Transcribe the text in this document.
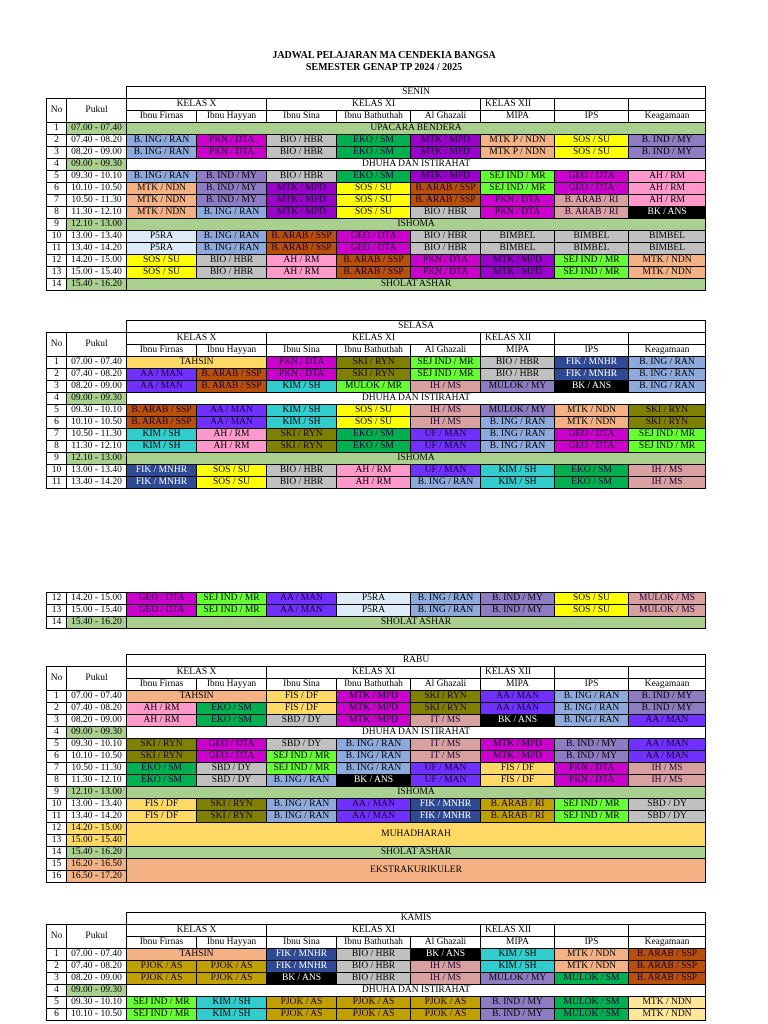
JADWAL PELAJARAN MA CENDEKIA BANGSA
SEMESTER GENAP TP 2024 / 2025
		SENIN							
No	Pukul	KELAS X		KELAS XI			KELAS XII		
		Ibnu Firnas	Ibnu Hayyan	Ibnu Sina	Ibnu Bathuthah	Al Ghazali	MIPA	IPS	Keagamaan
1	07.00 - 07.40	UPACARA BENDERA							
2	07.40 - 08.20	B. ING / RAN	PKN / DTA	BIO / HBR	EKO / SM	MTK / MPD	MTK P / NDN	SOS / SU	B. IND / MY
3	08.20 - 09.00	B. ING / RAN	PKN / DTA	BIO / HBR	EKO / SM	MTK / MPD	MTK P / NDN	SOS / SU	B. IND / MY
4	09.00 - 09.30	DHUHA DAN ISTIRAHAT							
5	09.30 - 10.10	B. ING / RAN	B. IND / MY	BIO / HBR	EKO / SM	MTK / MPD	SEJ IND / MR	GEO / DTA	AH / RM
6	10.10 - 10.50	MTK / NDN	B. IND / MY	MTK / MPD	SOS / SU	B. ARAB / SSP	SEJ IND / MR	GEO / DTA	AH / RM
7	10.50 - 11.30	MTK / NDN	B. IND / MY	MTK / MPD	SOS / SU	B. ARAB / SSP	PKN / DTA	B. ARAB / RI	AH / RM
8	11.30 - 12.10	MTK / NDN	B. ING / RAN	MTK / MPD	SOS / SU	BIO / HBR	PKN / DTA	B. ARAB / RI	BK / ANS
9	12.10 - 13.00	ISHOMA							
10	13.00 - 13.40	P5RA	B. ING / RAN	B. ARAB / SSP	GEO / DTA	BIO / HBR	BIMBEL	BIMBEL	BIMBEL
11	13.40 - 14.20	P5RA	B. ING / RAN	B. ARAB / SSP	GEO / DTA	BIO / HBR	BIMBEL	BIMBEL	BIMBEL
12	14.20 - 15.00	SOS / SU	BIO / HBR	AH / RM	B. ARAB / SSP	PKN / DTA	MTK / MPD	SEJ IND / MR	MTK / NDN
13	15.00 - 15.40	SOS / SU	BIO / HBR	AH / RM	B. ARAB / SSP	PKN / DTA	MTK / MPD	SEJ IND / MR	MTK / NDN
14	15.40 - 16.20	SHOLAT ASHAR							
		SELASA							
No	Pukul	KELAS X		KELAS XI			KELAS XII		
		Ibnu Firnas	Ibnu Hayyan	Ibnu Sina	Ibnu Bathuthah	Al Ghazali	MIPA	IPS	Keagamaan
1	07.00 - 07.40	TAHSIN		PKN / DTA	SKI / RYN	SEJ IND / MR	BIO / HBR	FIK / MNHR	B. ING / RAN
2	07.40 - 08.20	AA / MAN	B. ARAB / SSP	PKN / DTA	SKI / RYN	SEJ IND / MR	BIO / HBR	FIK / MNHR	B. ING / RAN
3	08.20 - 09.00	AA / MAN	B. ARAB / SSP	KIM / SH	MULOK / MR	IH / MS	MULOK / MY	BK / ANS	B. ING / RAN
4	09.00 - 09.30	DHUHA DAN ISTIRAHAT							
5	09.30 - 10.10	B. ARAB / SSP	AA / MAN	KIM / SH	SOS / SU	IH / MS	MULOK / MY	MTK / NDN	SKI / RYN
6	10.10 - 10.50	B. ARAB / SSP	AA / MAN	KIM / SH	SOS / SU	IH / MS	B. ING / RAN	MTK / NDN	SKI / RYN
7	10.50 - 11.30	KIM / SH	AH / RM	SKI / RYN	EKO / SM	UF / MAN	B. ING / RAN	GEO / DTA	SEJ IND / MR
8	11.30 - 12.10	KIM / SH	AH / RM	SKI / RYN	EKO / SM	UF / MAN	B. ING / RAN	GEO / DTA	SEJ IND / MR
9	12.10 - 13.00	ISHOMA							
10	13.00 - 13.40	FIK / MNHR	SOS / SU	BIO / HBR	AH / RM	UF / MAN	KIM / SH	EKO / SM	IH / MS
11	13.40 - 14.20	FIK / MNHR	SOS / SU	BIO / HBR	AH / RM	B. ING / RAN	KIM / SH	EKO / SM	IH / MS
12	14.20 - 15.00	GEO / DTA	SEJ IND / MR	AA / MAN	P5RA	B. ING / RAN	B. IND / MY	SOS / SU	MULOK / MS
13	15.00 - 15.40	GEO / DTA	SEJ IND / MR	AA / MAN	P5RA	B. ING / RAN	B. IND / MY	SOS / SU	MULOK / MS
14	15.40 - 16.20	SHOLAT ASHAR							
		RABU							
No	Pukul	KELAS X		KELAS XI			KELAS XII		
		Ibnu Firnas	Ibnu Hayyan	Ibnu Sina	Ibnu Bathuthah	Al Ghazali	MIPA	IPS	Keagamaan
1	07.00 - 07.40	TAHSIN		FIS / DF	MTK / MPD	SKI / RYN	AA / MAN	B. ING / RAN	B. IND / MY
2	07.40 - 08.20	AH / RM	EKO / SM	FIS / DF	MTK / MPD	SKI / RYN	AA / MAN	B. ING / RAN	B. IND / MY
3	08.20 - 09.00	AH / RM	EKO / SM	SBD / DY	MTK / MPD	IT / MS	BK / ANS	B. ING / RAN	AA / MAN
4	09.00 - 09.30	DHUHA DAN ISTIRAHAT							
5	09.30 - 10.10	SKI / RYN	GEO / DTA	SBD / DY	B. ING / RAN	IT / MS	MTK / MPD	B. IND / MY	AA / MAN
6	10.10 - 10.50	SKI / RYN	GEO / DTA	SEJ IND / MR	B. ING / RAN	IT / MS	MTK / MPD	B. IND / MY	AA / MAN
7	10.50 - 11.30	EKO / SM	SBD / DY	SEJ IND / MR	B. ING / RAN	UF / MAN	FIS / DF	PKN / DTA	IH / MS
8	11.30 - 12.10	EKO / SM	SBD / DY	B. ING / RAN	BK / ANS	UF / MAN	FIS / DF	PKN / DTA	IH / MS
9	12.10 - 13.00	ISHOMA							
10	13.00 - 13.40	FIS / DF	SKI / RYN	B. ING / RAN	AA / MAN	FIK / MNHR	B. ARAB / RI	SEJ IND / MR	SBD / DY
11	13.40 - 14.20	FIS / DF	SKI / RYN	B. ING / RAN	AA / MAN	FIK / MNHR	B. ARAB / RI	SEJ IND / MR	SBD / DY
12	14.20 - 15.00	MUHADHARAH							
13	15.00 - 15.40								
14	15.40 - 16.20	SHOLAT ASHAR							
15	16.20 - 16.50	EKSTRAKURIKULER							
16	16.50 - 17.20								
		KAMIS							
No	Pukul	KELAS X		KELAS XI			KELAS XII		
		Ibnu Firnas	Ibnu Hayyan	Ibnu Sina	Ibnu Bathuthah	Al Ghazali	MIPA	IPS	Keagamaan
1	07.00 - 07.40	TAHSIN		FIK / MNHR	BIO / HBR	BK / ANS	KIM / SH	MTK / NDN	B. ARAB / SSP
2	07.40 - 08.20	PJOK / AS	PJOK / AS	FIK / MNHR	BIO / HBR	IH / MS	KIM / SH	MTK / NDN	B. ARAB / SSP
3	08.20 - 09.00	PJOK / AS	PJOK / AS	BK / ANS	BIO / HBR	IH / MS	MULOK / MY	MULOK / SM	B. ARAB / SSP
4	09.00 - 09.30	DHUHA DAN ISTIRAHAT							
5	09.30 - 10.10	SEJ IND / MR	KIM / SH	PJOK / AS	PJOK / AS	PJOK / AS	B. IND / MY	MULOK / SM	MTK / NDN
6	10.10 - 10.50	SEJ IND / MR	KIM / SH	PJOK / AS	PJOK / AS	PJOK / AS	B. IND / MY	MULOK / SM	MTK / NDN
